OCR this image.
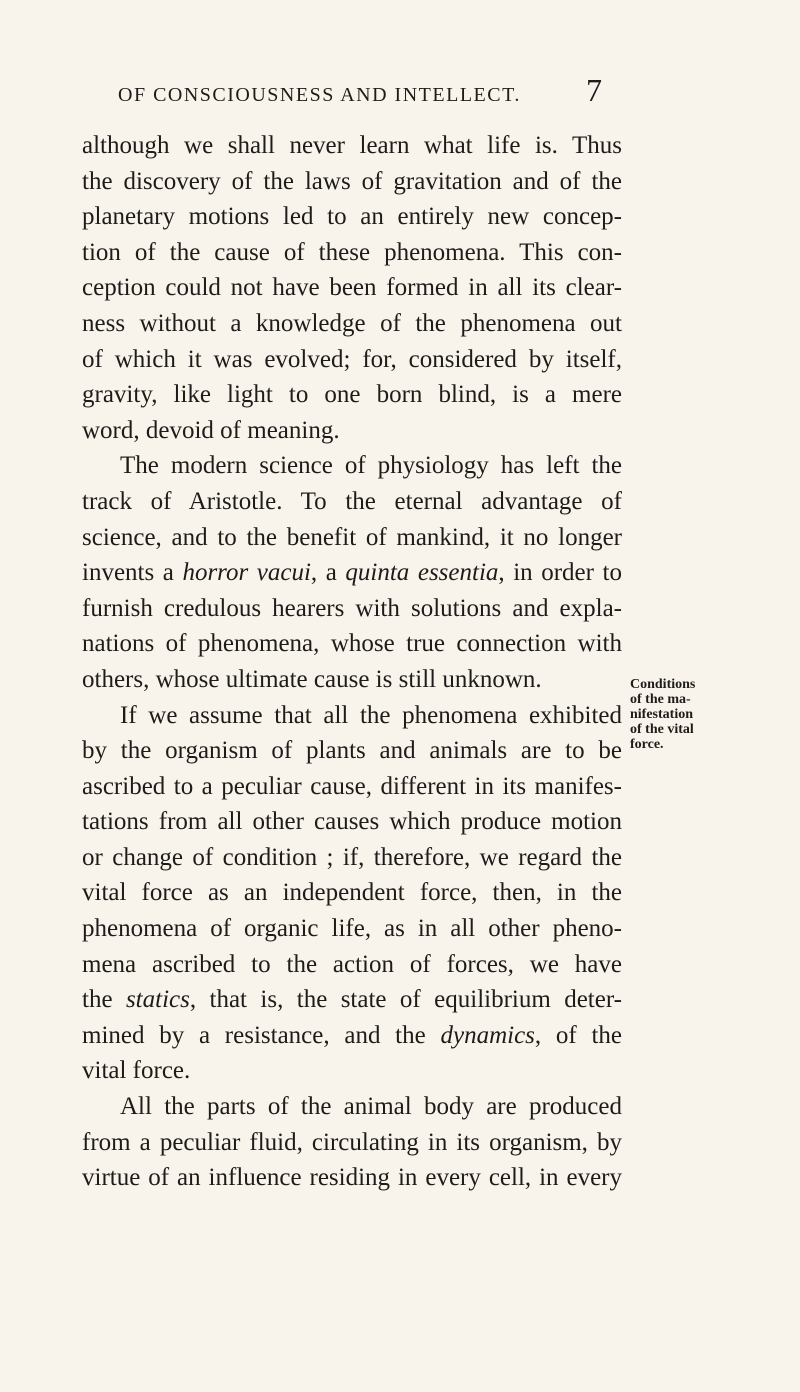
OF CONSCIOUSNESS AND INTELLECT.	7
although we shall never learn what life is. Thus
the discovery of the laws of gravitation and of the
planetary motions led to an entirely new concep-
tion of the cause of these phenomena. This con-
ception could not have been formed in all its clear-
ness without a knowledge of the phenomena out
of which it was evolved; for, considered by itself,
gravity, like light to one born blind, is a mere
word, devoid of meaning.
The modern science of physiology has left the
track of Aristotle. To the eternal advantage of
science, and to the benefit of mankind, it no longer
invents a horror vacui, a quinta essentia, in order to
furnish credulous hearers with solutions and expla-
nations of phenomena, whose true connection with
others, whose ultimate cause is still unknown.
If we assume that all the phenomena exhibited
by the organism of plants and animals are to be
ascribed to a peculiar cause, different in its manifes-
tations from all other causes which produce motion
or change of condition ; if, therefore, we regard the
vital force as an independent force, then, in the
phenomena of organic life, as in all other pheno-
mena ascribed to the action of forces, we have
the statics, that is, the state of equilibrium deter-
mined by a resistance, and the dynamics, of the
vital force.
All the parts of the animal body are produced
from a peculiar fluid, circulating in its organism, by
virtue of an influence residing in every cell, in every
Conditions
of the ma-
nifestation
of the vital
force.
